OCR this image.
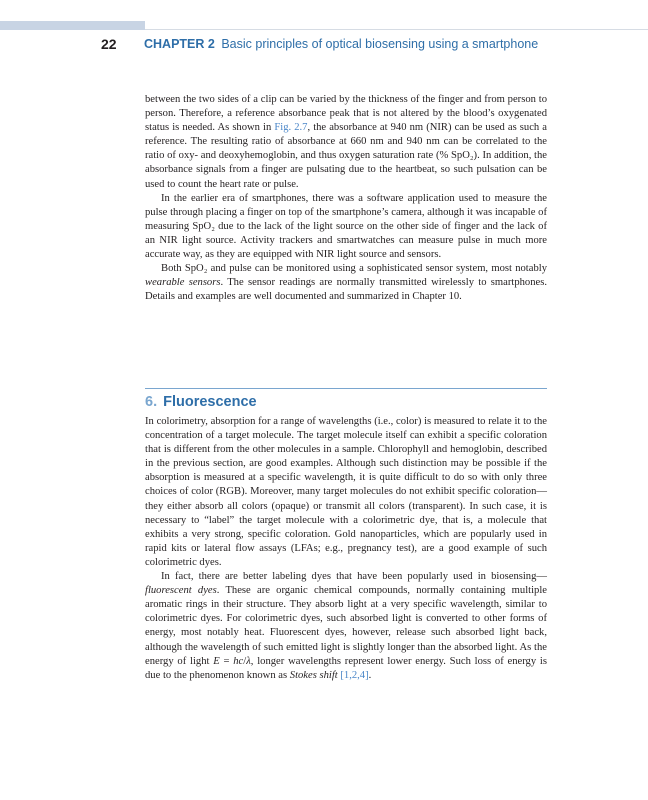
22 CHAPTER 2 Basic principles of optical biosensing using a smartphone

between the two sides of a clip can be varied by the thickness of the finger and from person to person. Therefore, a reference absorbance peak that is not altered by the blood’s oxygenated status is needed. As shown in Fig. 2.7, the absorbance at 940 nm (NIR) can be used as such a reference. The resulting ratio of absorbance at 660 nm and 940 nm can be correlated to the ratio of oxy- and deoxyhemoglobin, and thus oxygen saturation rate (% SpO₂). In addition, the absorbance signals from a finger are pulsating due to the heartbeat, so such pulsation can be used to count the heart rate or pulse.

In the earlier era of smartphones, there was a software application used to measure the pulse through placing a finger on top of the smartphone’s camera, although it was incapable of measuring SpO₂ due to the lack of the light source on the other side of finger and the lack of an NIR light source. Activity trackers and smartwatches can measure pulse in much more accurate way, as they are equipped with NIR light source and sensors.

Both SpO₂ and pulse can be monitored using a sophisticated sensor system, most notably wearable sensors. The sensor readings are normally transmitted wirelessly to smartphones. Details and examples are well documented and summarized in Chapter 10.

6. Fluorescence

In colorimetry, absorption for a range of wavelengths (i.e., color) is measured to relate it to the concentration of a target molecule. The target molecule itself can exhibit a specific coloration that is different from the other molecules in a sample. Chlorophyll and hemoglobin, described in the previous section, are good examples. Although such distinction may be possible if the absorption is measured at a specific wavelength, it is quite difficult to do so with only three choices of color (RGB). Moreover, many target molecules do not exhibit specific coloration—they either absorb all colors (opaque) or transmit all colors (transparent). In such case, it is necessary to “label” the target molecule with a colorimetric dye, that is, a molecule that exhibits a very strong, specific coloration. Gold nanoparticles, which are popularly used in rapid kits or lateral flow assays (LFAs; e.g., pregnancy test), are a good example of such colorimetric dyes.

In fact, there are better labeling dyes that have been popularly used in biosensing—fluorescent dyes. These are organic chemical compounds, normally containing multiple aromatic rings in their structure. They absorb light at a very specific wavelength, similar to colorimetric dyes. For colorimetric dyes, such absorbed light is converted to other forms of energy, most notably heat. Fluorescent dyes, however, release such absorbed light back, although the wavelength of such emitted light is slightly longer than the absorbed light. As the energy of light E = hc/λ, longer wavelengths represent lower energy. Such loss of energy is due to the phenomenon known as Stokes shift [1,2,4].
